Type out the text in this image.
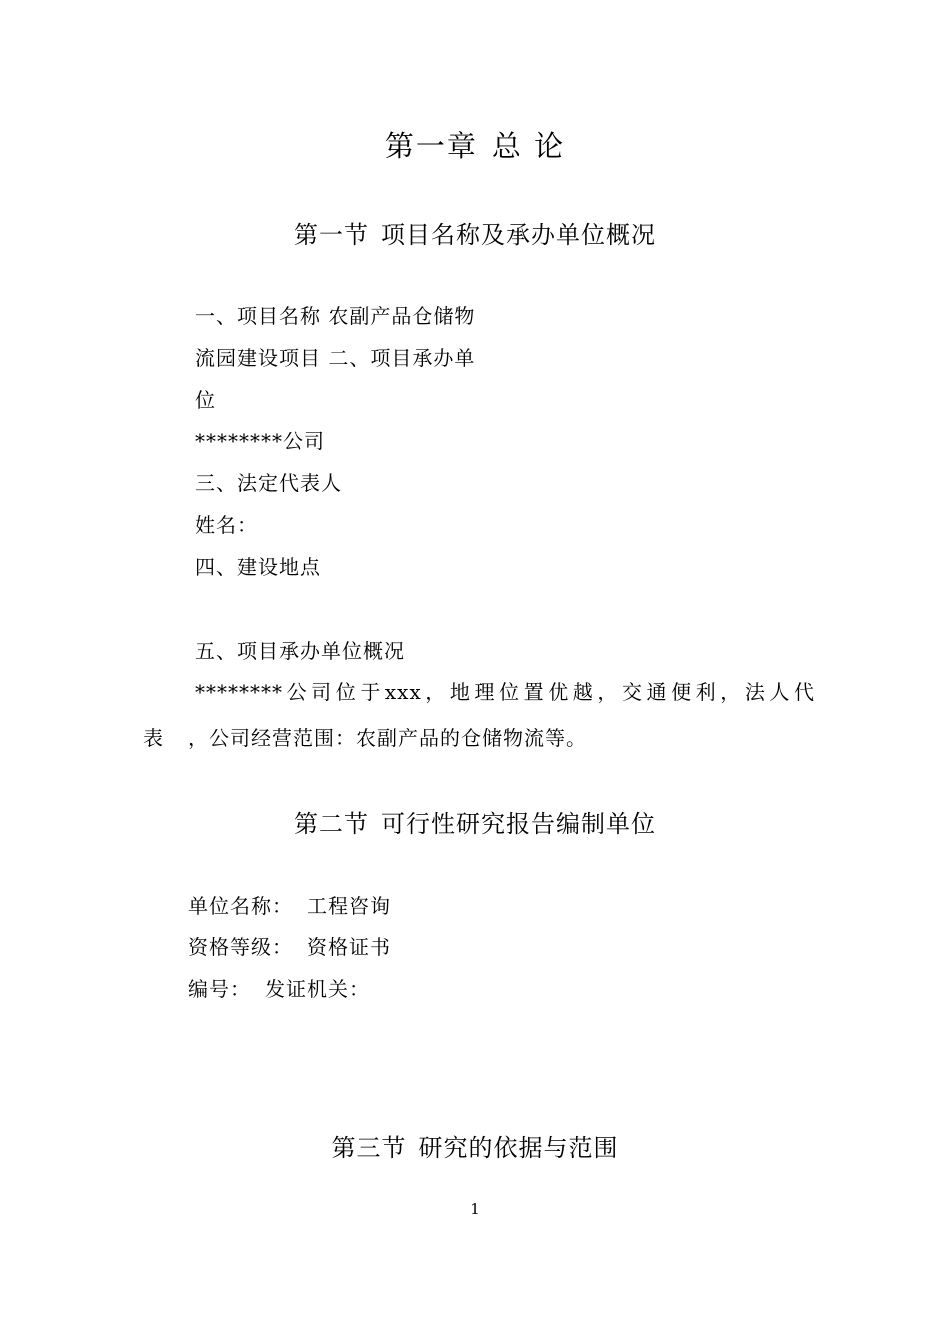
第一章 总 论
第一节 项目名称及承办单位概况
一、项目名称 农副产品仓储物
流园建设项目 二、项目承办单
位
********公司
三、法定代表人
姓名：
四、建设地点
五、项目承办单位概况
********公司位于xxx，地理位置优越，交通便利，法人代
表 ，公司经营范围：农副产品的仓储物流等。
第二节 可行性研究报告编制单位
单位名称： 工程咨询
资格等级： 资格证书
编号： 发证机关：
第三节 研究的依据与范围
1
